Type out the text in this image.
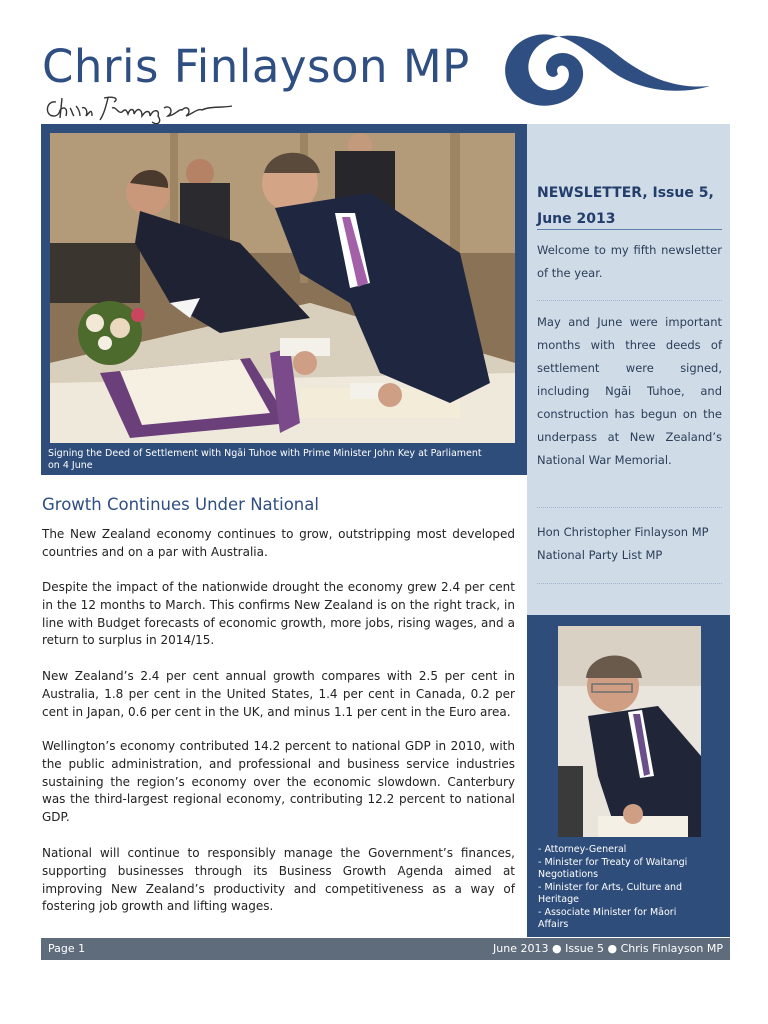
Chris Finlayson MP
Signing the Deed of Settlement with Ngāi Tuhoe with Prime Minister John Key at Parliament on 4 June
NEWSLETTER, Issue 5, June 2013
Welcome to my fifth newsletter of the year.
May and June were important months with three deeds of settlement were signed, including Ngāi Tuhoe, and construction has begun on the underpass at New Zealand’s National War Memorial.
Hon Christopher Finlayson MP
National Party List MP
- Attorney-General
- Minister for Treaty of Waitangi Negotiations
- Minister for Arts, Culture and Heritage
- Associate Minister for Māori Affairs
Growth Continues Under National

The New Zealand economy continues to grow, outstripping most developed countries and on a par with Australia.

Despite the impact of the nationwide drought the economy grew 2.4 per cent in the 12 months to March. This confirms New Zealand is on the right track, in line with Budget forecasts of economic growth, more jobs, rising wages, and a return to surplus in 2014/15.

New Zealand’s 2.4 per cent annual growth compares with 2.5 per cent in Australia, 1.8 per cent in the United States, 1.4 per cent in Canada, 0.2 per cent in Japan, 0.6 per cent in the UK, and minus 1.1 per cent in the Euro area.

Wellington’s economy contributed 14.2 percent to national GDP in 2010, with the public administration, and professional and business service industries sustaining the region’s economy over the economic slowdown. Canterbury was the third-largest regional economy, contributing 12.2 percent to national GDP.

National will continue to responsibly manage the Government’s finances, supporting businesses through its Business Growth Agenda aimed at improving New Zealand’s productivity and competitiveness as a way of fostering job growth and lifting wages.

Page 1	June 2013 ● Issue 5 ● Chris Finlayson MP
